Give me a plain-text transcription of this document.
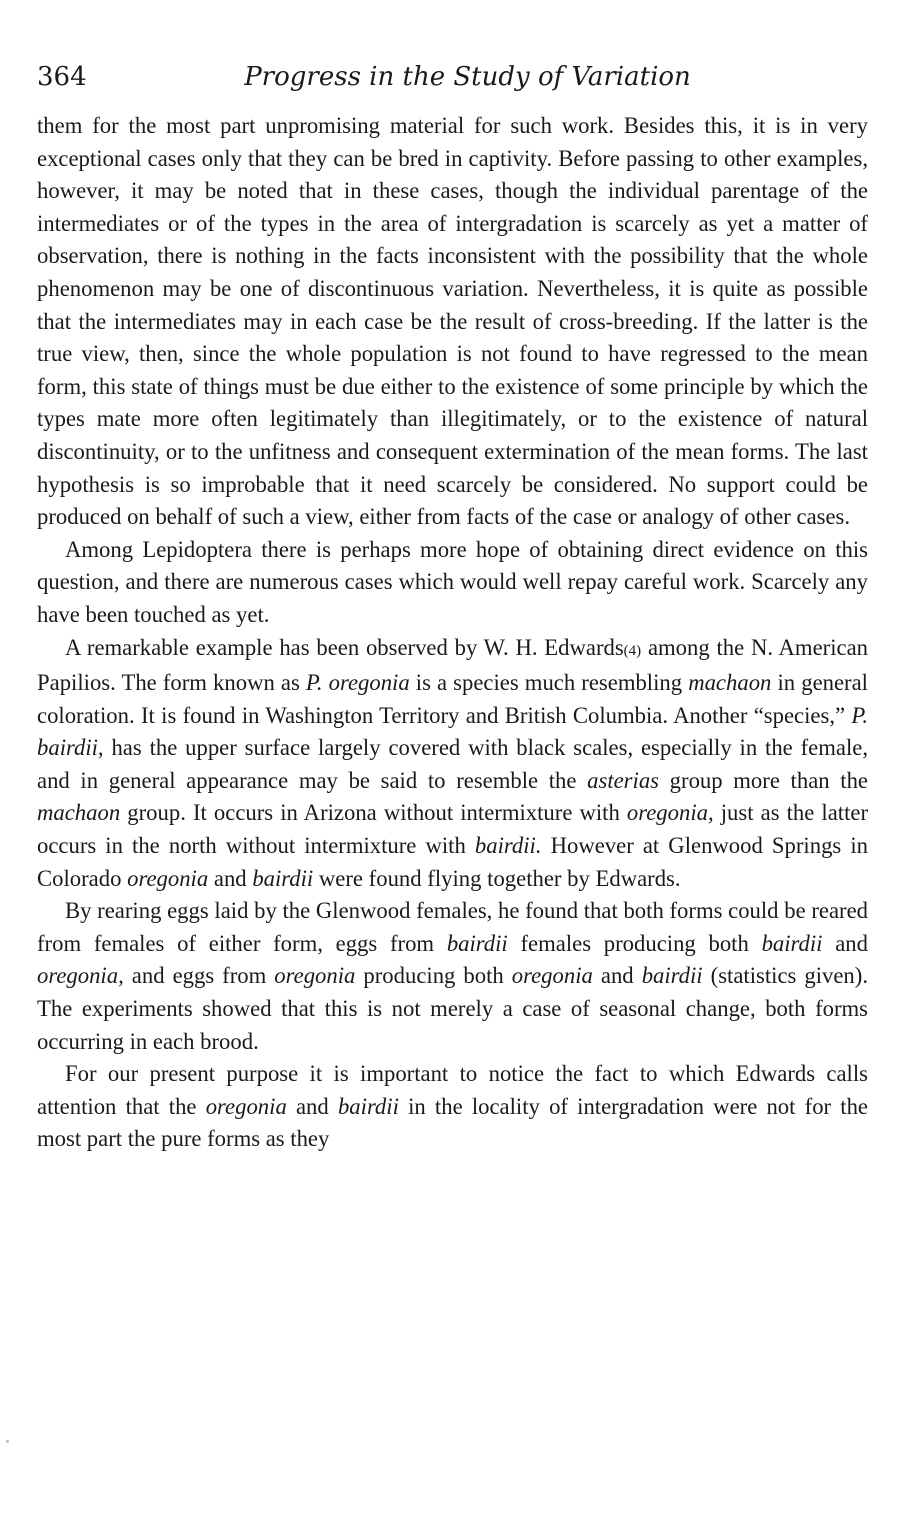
364	Progress in the Study of Variation

them for the most part unpromising material for such work. Besides this, it is in very exceptional cases only that they can be bred in captivity. Before passing to other examples, however, it may be noted that in these cases, though the individual parentage of the intermediates or of the types in the area of intergradation is scarcely as yet a matter of observation, there is nothing in the facts inconsistent with the possibility that the whole phenomenon may be one of discontinuous variation. Nevertheless, it is quite as possible that the intermediates may in each case be the result of cross-breeding. If the latter is the true view, then, since the whole population is not found to have regressed to the mean form, this state of things must be due either to the existence of some principle by which the types mate more often legitimately than illegitimately, or to the existence of natural discontinuity, or to the unfitness and consequent extermination of the mean forms. The last hypothesis is so improbable that it need scarcely be considered. No support could be produced on behalf of such a view, either from facts of the case or analogy of other cases.

Among Lepidoptera there is perhaps more hope of obtaining direct evidence on this question, and there are numerous cases which would well repay careful work. Scarcely any have been touched as yet.

A remarkable example has been observed by W. H. Edwards(4) among the N. American Papilios. The form known as P. oregonia is a species much resembling machaon in general coloration. It is found in Washington Territory and British Columbia. Another “species,” P. bairdii, has the upper surface largely covered with black scales, especially in the female, and in general appearance may be said to resemble the asterias group more than the machaon group. It occurs in Arizona without intermixture with oregonia, just as the latter occurs in the north without intermixture with bairdii. However at Glenwood Springs in Colorado oregonia and bairdii were found flying together by Edwards.

By rearing eggs laid by the Glenwood females, he found that both forms could be reared from females of either form, eggs from bairdii females producing both bairdii and oregonia, and eggs from oregonia producing both oregonia and bairdii (statistics given). The experiments showed that this is not merely a case of seasonal change, both forms occurring in each brood.

For our present purpose it is important to notice the fact to which Edwards calls attention that the oregonia and bairdii in the locality of intergradation were not for the most part the pure forms as they
